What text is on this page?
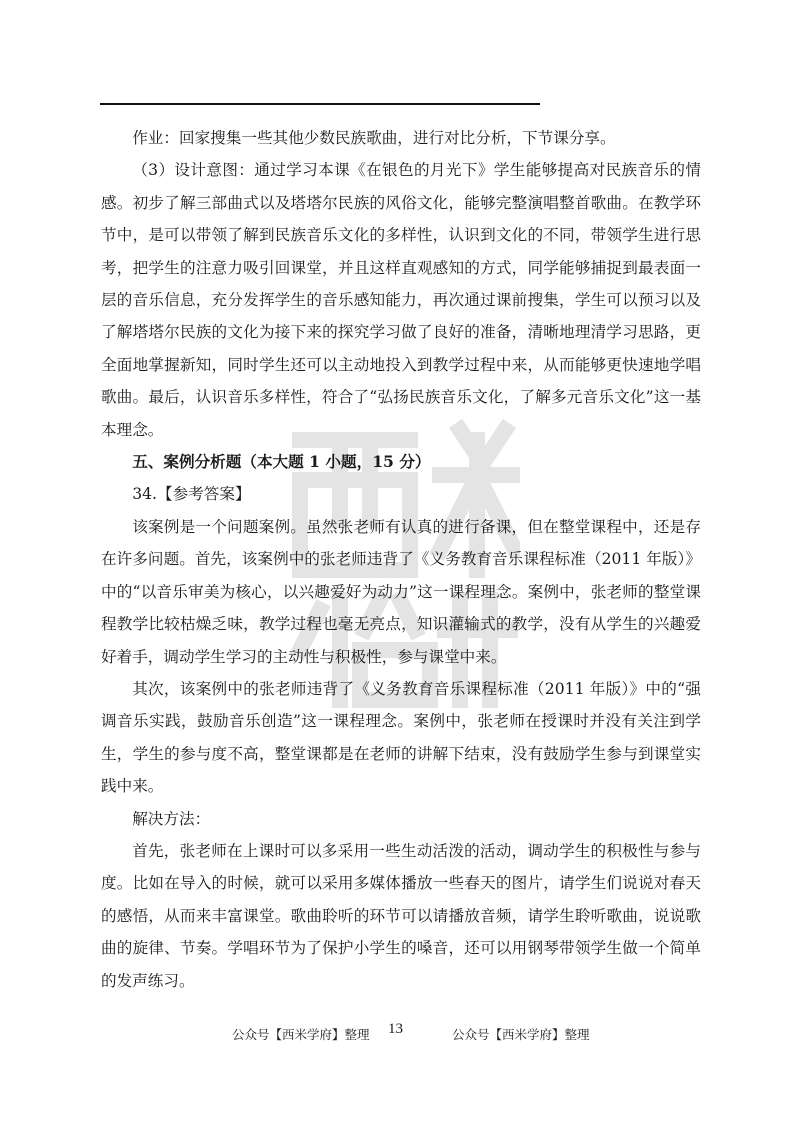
作业：回家搜集一些其他少数民族歌曲，进行对比分析，下节课分享。

（3）设计意图：通过学习本课《在银色的月光下》学生能够提高对民族音乐的情感。初步了解三部曲式以及塔塔尔民族的风俗文化，能够完整演唱整首歌曲。在教学环节中，是可以带领了解到民族音乐文化的多样性，认识到文化的不同，带领学生进行思考，把学生的注意力吸引回课堂，并且这样直观感知的方式，同学能够捕捉到最表面一层的音乐信息，充分发挥学生的音乐感知能力，再次通过课前搜集，学生可以预习以及了解塔塔尔民族的文化为接下来的探究学习做了良好的准备，清晰地理清学习思路，更全面地掌握新知，同时学生还可以主动地投入到教学过程中来，从而能够更快速地学唱歌曲。最后，认识音乐多样性，符合了“弘扬民族音乐文化，了解多元音乐文化”这一基本理念。

五、案例分析题（本大题 1 小题，15 分）

34.【参考答案】

该案例是一个问题案例。虽然张老师有认真的进行备课，但在整堂课程中，还是存在许多问题。首先，该案例中的张老师违背了《义务教育音乐课程标准（2011 年版）》中的“以音乐审美为核心，以兴趣爱好为动力”这一课程理念。案例中，张老师的整堂课程教学比较枯燥乏味，教学过程也毫无亮点，知识灌输式的教学，没有从学生的兴趣爱好着手，调动学生学习的主动性与积极性，参与课堂中来。

其次，该案例中的张老师违背了《义务教育音乐课程标准（2011 年版）》中的“强调音乐实践，鼓励音乐创造”这一课程理念。案例中，张老师在授课时并没有关注到学生，学生的参与度不高，整堂课都是在老师的讲解下结束，没有鼓励学生参与到课堂实践中来。

解决方法：

首先，张老师在上课时可以多采用一些生动活泼的活动，调动学生的积极性与参与度。比如在导入的时候，就可以采用多媒体播放一些春天的图片，请学生们说说对春天的感悟，从而来丰富课堂。歌曲聆听的环节可以请播放音频，请学生聆听歌曲，说说歌曲的旋律、节奏。学唱环节为了保护小学生的嗓音，还可以用钢琴带领学生做一个简单的发声练习。

公众号【西米学府】整理 13	公众号【西米学府】整理
